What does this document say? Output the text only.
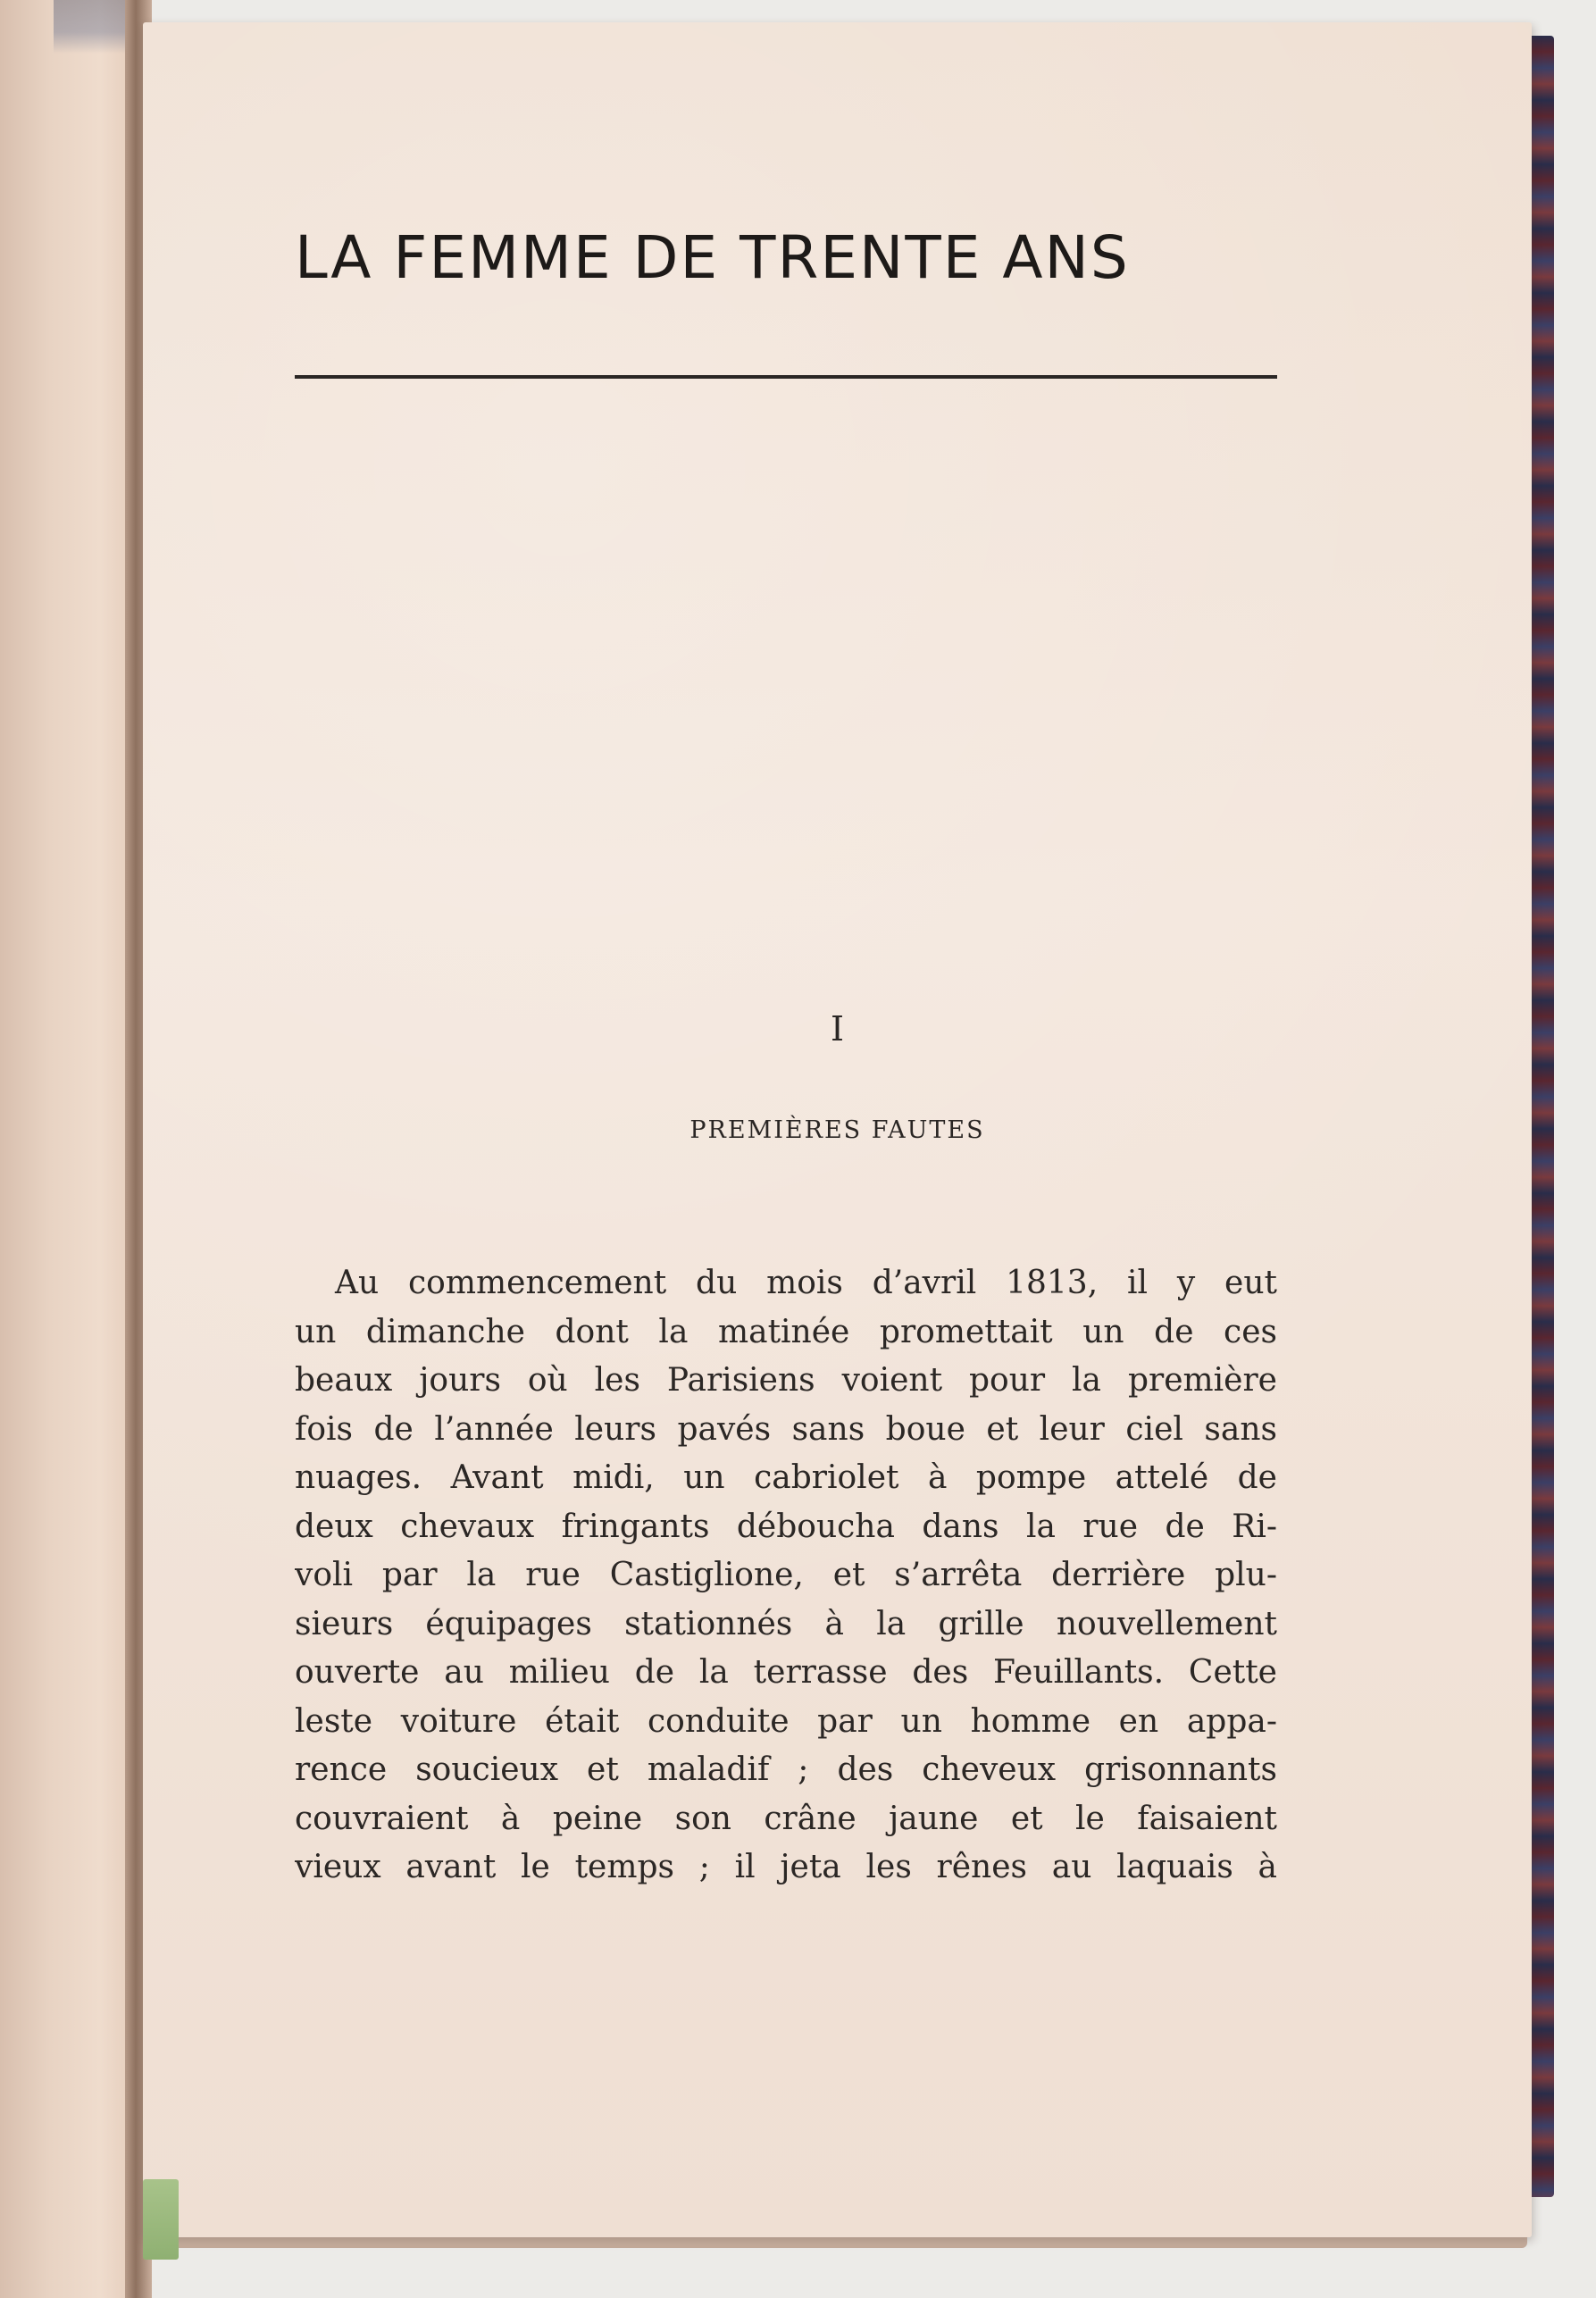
LA FEMME DE TRENTE ANS

I

PREMIÈRES FAUTES

Au commencement du mois d’avril 1813, il y eut
un dimanche dont la matinée promettait un de ces
beaux jours où les Parisiens voient pour la première
fois de l’année leurs pavés sans boue et leur ciel sans
nuages. Avant midi, un cabriolet à pompe attelé de
deux chevaux fringants déboucha dans la rue de Ri-
voli par la rue Castiglione, et s’arrêta derrière plu-
sieurs équipages stationnés à la grille nouvellement
ouverte au milieu de la terrasse des Feuillants. Cette
leste voiture était conduite par un homme en appa-
rence soucieux et maladif ; des cheveux grisonnants
couvraient à peine son crâne jaune et le faisaient
vieux avant le temps ; il jeta les rênes au laquais à
